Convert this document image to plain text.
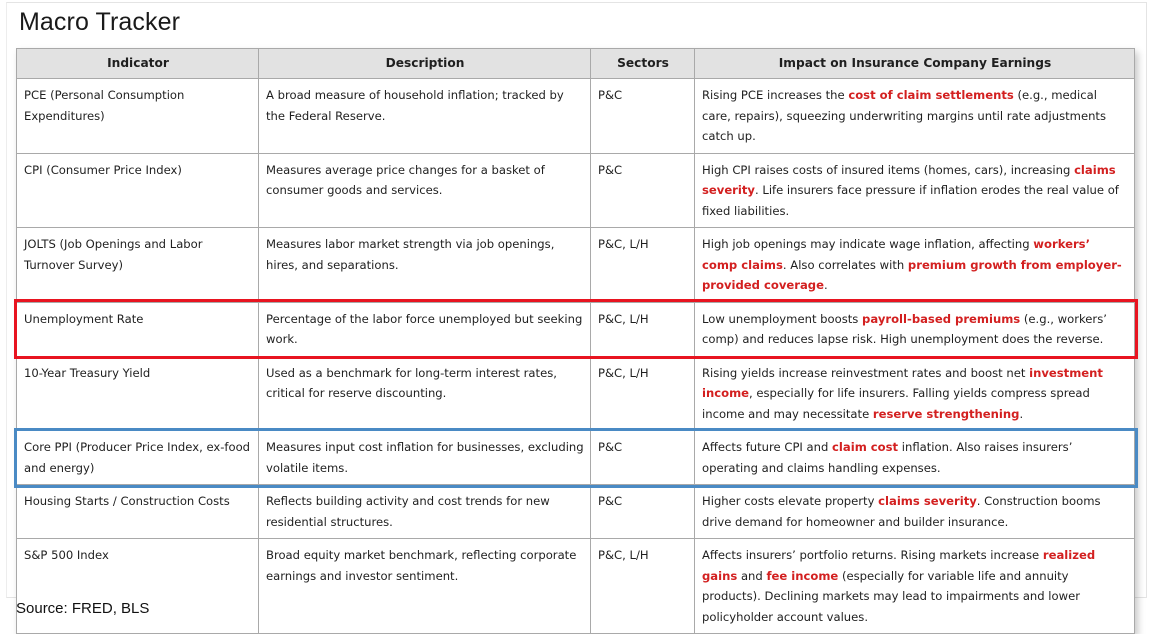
Macro Tracker
Indicator	Description	Sectors	Impact on Insurance Company Earnings
PCE (Personal Consumption Expenditures)	A broad measure of household inflation; tracked by the Federal Reserve.	P&C	Rising PCE increases the cost of claim settlements (e.g., medical care, repairs), squeezing underwriting margins until rate adjustments catch up.
CPI (Consumer Price Index)	Measures average price changes for a basket of consumer goods and services.	P&C	High CPI raises costs of insured items (homes, cars), increasing claims severity. Life insurers face pressure if inflation erodes the real value of fixed liabilities.
JOLTS (Job Openings and Labor Turnover Survey)	Measures labor market strength via job openings, hires, and separations.	P&C, L/H	High job openings may indicate wage inflation, affecting workers’ comp claims. Also correlates with premium growth from employer-provided coverage.
Unemployment Rate	Percentage of the labor force unemployed but seeking work.	P&C, L/H	Low unemployment boosts payroll-based premiums (e.g., workers’ comp) and reduces lapse risk. High unemployment does the reverse.
10-Year Treasury Yield	Used as a benchmark for long-term interest rates, critical for reserve discounting.	P&C, L/H	Rising yields increase reinvestment rates and boost net investment income, especially for life insurers. Falling yields compress spread income and may necessitate reserve strengthening.
Core PPI (Producer Price Index, ex-food and energy)	Measures input cost inflation for businesses, excluding volatile items.	P&C	Affects future CPI and claim cost inflation. Also raises insurers’ operating and claims handling expenses.
Housing Starts / Construction Costs	Reflects building activity and cost trends for new residential structures.	P&C	Higher costs elevate property claims severity. Construction booms drive demand for homeowner and builder insurance.
S&P 500 Index	Broad equity market benchmark, reflecting corporate earnings and investor sentiment.	P&C, L/H	Affects insurers’ portfolio returns. Rising markets increase realized gains and fee income (especially for variable life and annuity products). Declining markets may lead to impairments and lower policyholder account values.
Source: FRED, BLS
